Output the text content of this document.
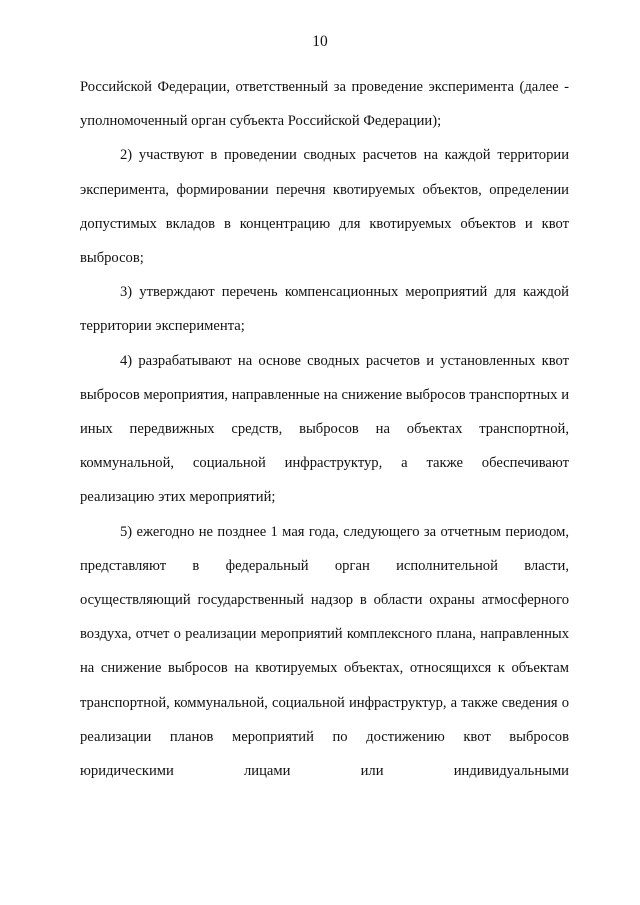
10

Российской Федерации, ответственный за проведение эксперимента (далее - уполномоченный орган субъекта Российской Федерации);

2) участвуют в проведении сводных расчетов на каждой территории эксперимента, формировании перечня квотируемых объектов, определении допустимых вкладов в концентрацию для квотируемых объектов и квот выбросов;

3) утверждают перечень компенсационных мероприятий для каждой территории эксперимента;

4) разрабатывают на основе сводных расчетов и установленных квот выбросов мероприятия, направленные на снижение выбросов транспортных и иных передвижных средств, выбросов на объектах транспортной, коммунальной, социальной инфраструктур, а также обеспечивают реализацию этих мероприятий;

5) ежегодно не позднее 1 мая года, следующего за отчетным периодом, представляют в федеральный орган исполнительной власти, осуществляющий государственный надзор в области охраны атмосферного воздуха, отчет о реализации мероприятий комплексного плана, направленных на снижение выбросов на квотируемых объектах, относящихся к объектам транспортной, коммунальной, социальной инфраструктур, а также сведения о реализации планов мероприятий по достижению квот выбросов юридическими лицами или индивидуальными
